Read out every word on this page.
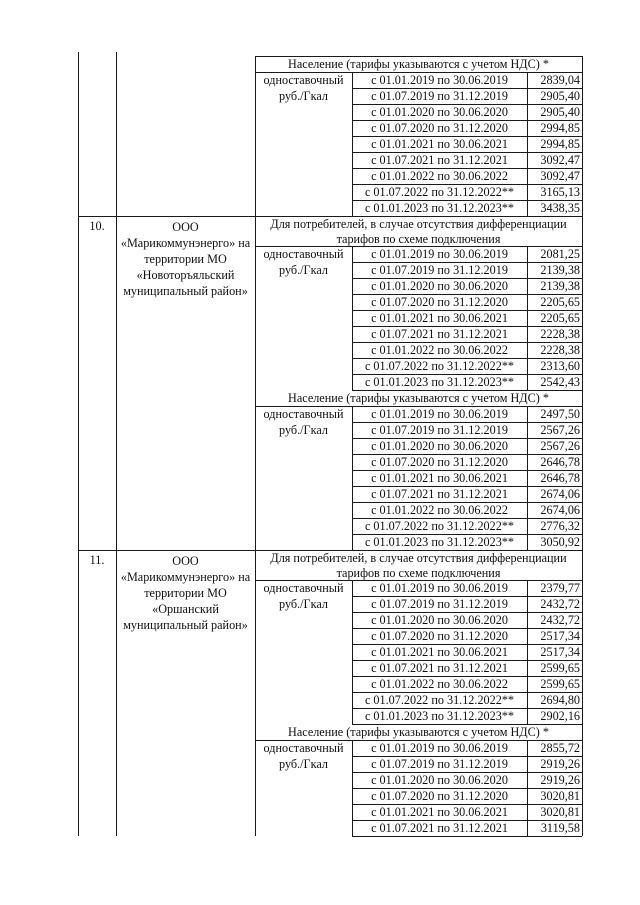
Население (тарифы указываются с учетом НДС) *
с 01.01.2019 по 30.06.2019	2839,04
с 01.07.2019 по 31.12.2019	2905,40
с 01.01.2020 по 30.06.2020	2905,40
с 01.07.2020 по 31.12.2020	2994,85
с 01.01.2021 по 30.06.2021	2994,85
с 01.07.2021 по 31.12.2021	3092,47
с 01.01.2022 по 30.06.2022	3092,47
с 01.07.2022 по 31.12.2022**	3165,13
с 01.01.2023 по 31.12.2023**	3438,35
одноставочный
руб./Гкал
10.	ООО «Марикоммунэнерго» на территории МО «Новоторъяльский муниципальный район»
Для потребителей, в случае отсутствия дифференциации тарифов по схеме подключения
с 01.01.2019 по 30.06.2019	2081,25
с 01.07.2019 по 31.12.2019	2139,38
с 01.01.2020 по 30.06.2020	2139,38
с 01.07.2020 по 31.12.2020	2205,65
с 01.01.2021 по 30.06.2021	2205,65
с 01.07.2021 по 31.12.2021	2228,38
с 01.01.2022 по 30.06.2022	2228,38
с 01.07.2022 по 31.12.2022**	2313,60
с 01.01.2023 по 31.12.2023**	2542,43
одноставочный
руб./Гкал
Население (тарифы указываются с учетом НДС) *
с 01.01.2019 по 30.06.2019	2497,50
с 01.07.2019 по 31.12.2019	2567,26
с 01.01.2020 по 30.06.2020	2567,26
с 01.07.2020 по 31.12.2020	2646,78
с 01.01.2021 по 30.06.2021	2646,78
с 01.07.2021 по 31.12.2021	2674,06
с 01.01.2022 по 30.06.2022	2674,06
с 01.07.2022 по 31.12.2022**	2776,32
с 01.01.2023 по 31.12.2023**	3050,92
одноставочный
руб./Гкал
11.	ООО «Марикоммунэнерго» на территории МО «Оршанский муниципальный район»
Для потребителей, в случае отсутствия дифференциации тарифов по схеме подключения
с 01.01.2019 по 30.06.2019	2379,77
с 01.07.2019 по 31.12.2019	2432,72
с 01.01.2020 по 30.06.2020	2432,72
с 01.07.2020 по 31.12.2020	2517,34
с 01.01.2021 по 30.06.2021	2517,34
с 01.07.2021 по 31.12.2021	2599,65
с 01.01.2022 по 30.06.2022	2599,65
с 01.07.2022 по 31.12.2022**	2694,80
с 01.01.2023 по 31.12.2023**	2902,16
одноставочный
руб./Гкал
Население (тарифы указываются с учетом НДС) *
с 01.01.2019 по 30.06.2019	2855,72
с 01.07.2019 по 31.12.2019	2919,26
с 01.01.2020 по 30.06.2020	2919,26
с 01.07.2020 по 31.12.2020	3020,81
с 01.01.2021 по 30.06.2021	3020,81
с 01.07.2021 по 31.12.2021	3119,58
одноставочный
руб./Гкал
